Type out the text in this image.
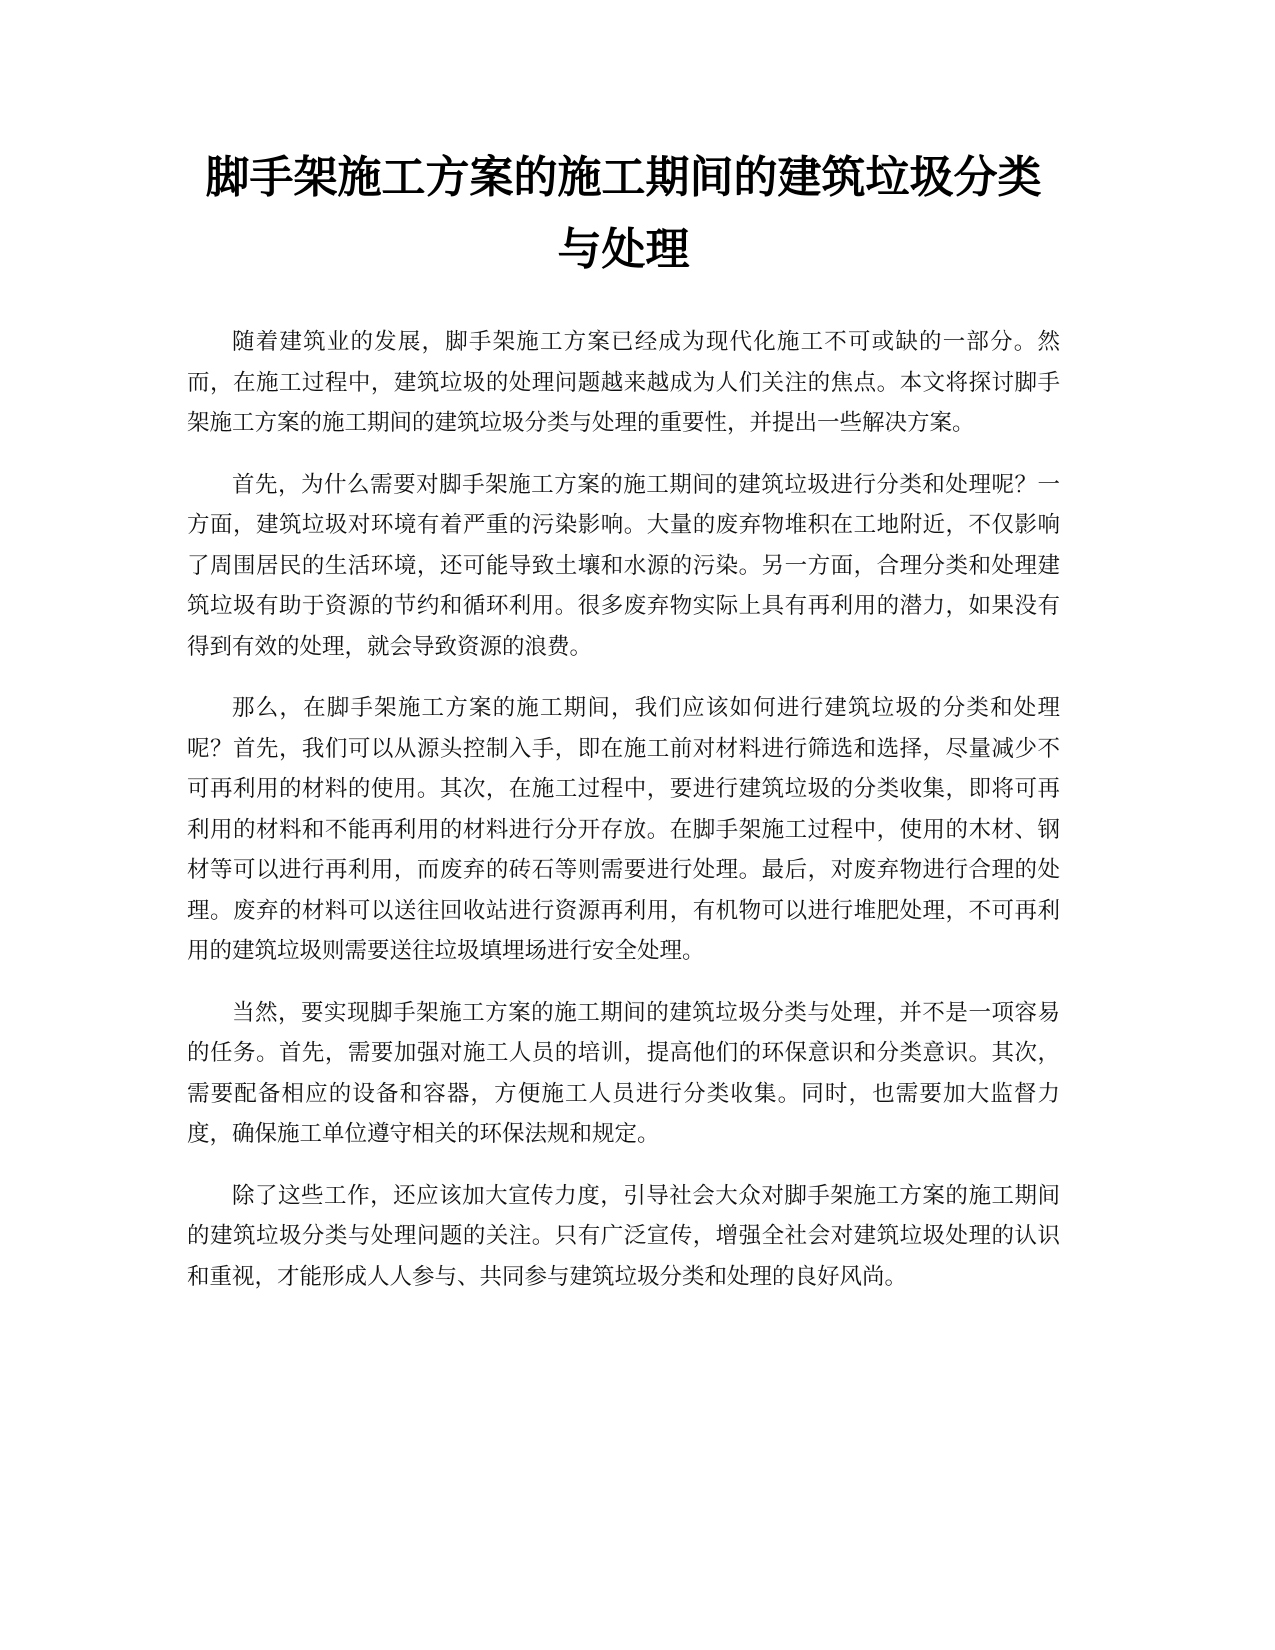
脚手架施工方案的施工期间的建筑垃圾分类
与处理

随着建筑业的发展，脚手架施工方案已经成为现代化施工不可或缺的一部分。然而，在施工过程中，建筑垃圾的处理问题越来越成为人们关注的焦点。本文将探讨脚手架施工方案的施工期间的建筑垃圾分类与处理的重要性，并提出一些解决方案。

首先，为什么需要对脚手架施工方案的施工期间的建筑垃圾进行分类和处理呢？一方面，建筑垃圾对环境有着严重的污染影响。大量的废弃物堆积在工地附近，不仅影响了周围居民的生活环境，还可能导致土壤和水源的污染。另一方面，合理分类和处理建筑垃圾有助于资源的节约和循环利用。很多废弃物实际上具有再利用的潜力，如果没有得到有效的处理，就会导致资源的浪费。

那么，在脚手架施工方案的施工期间，我们应该如何进行建筑垃圾的分类和处理呢？首先，我们可以从源头控制入手，即在施工前对材料进行筛选和选择，尽量减少不可再利用的材料的使用。其次，在施工过程中，要进行建筑垃圾的分类收集，即将可再利用的材料和不能再利用的材料进行分开存放。在脚手架施工过程中，使用的木材、钢材等可以进行再利用，而废弃的砖石等则需要进行处理。最后，对废弃物进行合理的处理。废弃的材料可以送往回收站进行资源再利用，有机物可以进行堆肥处理，不可再利用的建筑垃圾则需要送往垃圾填埋场进行安全处理。

当然，要实现脚手架施工方案的施工期间的建筑垃圾分类与处理，并不是一项容易的任务。首先，需要加强对施工人员的培训，提高他们的环保意识和分类意识。其次，需要配备相应的设备和容器，方便施工人员进行分类收集。同时，也需要加大监督力度，确保施工单位遵守相关的环保法规和规定。

除了这些工作，还应该加大宣传力度，引导社会大众对脚手架施工方案的施工期间的建筑垃圾分类与处理问题的关注。只有广泛宣传，增强全社会对建筑垃圾处理的认识和重视，才能形成人人参与、共同参与建筑垃圾分类和处理的良好风尚。
